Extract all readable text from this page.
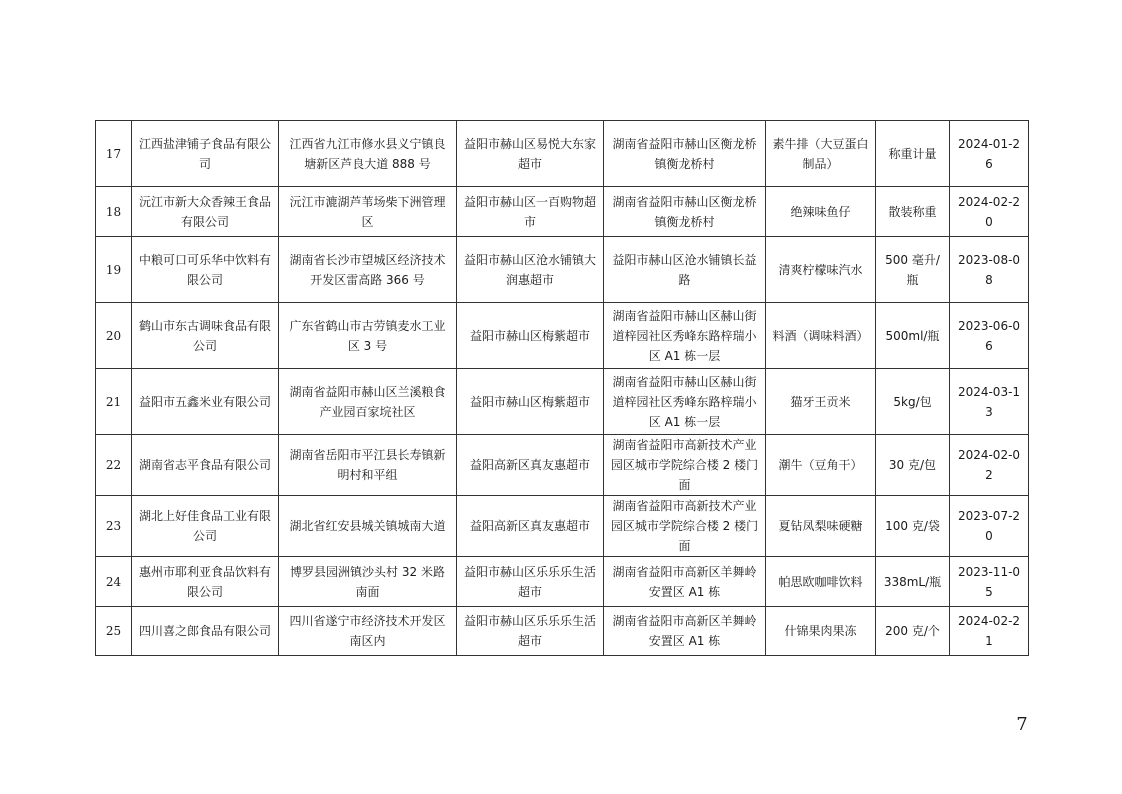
17	江西盐津铺子食品有限公司	江西省九江市修水县义宁镇良塘新区芦良大道 888 号	益阳市赫山区易悦大东家超市	湖南省益阳市赫山区衡龙桥镇衡龙桥村	素牛排（大豆蛋白制品）	称重计量	2024-01-26
18	沅江市新大众香辣王食品有限公司	沅江市漉湖芦苇场柴下洲管理区	益阳市赫山区一百购物超市	湖南省益阳市赫山区衡龙桥镇衡龙桥村	绝辣味鱼仔	散装称重	2024-02-20
19	中粮可口可乐华中饮料有限公司	湖南省长沙市望城区经济技术开发区雷高路 366 号	益阳市赫山区沧水铺镇大润惠超市	益阳市赫山区沧水铺镇长益路	清爽柠檬味汽水	500 毫升/瓶	2023-08-08
20	鹤山市东古调味食品有限公司	广东省鹤山市古劳镇麦水工业区 3 号	益阳市赫山区梅紫超市	湖南省益阳市赫山区赫山街道梓园社区秀峰东路梓瑞小区 A1 栋一层	料酒（调味料酒）	500ml/瓶	2023-06-06
21	益阳市五鑫米业有限公司	湖南省益阳市赫山区兰溪粮食产业园百家垸社区	益阳市赫山区梅紫超市	湖南省益阳市赫山区赫山街道梓园社区秀峰东路梓瑞小区 A1 栋一层	猫牙王贡米	5kg/包	2024-03-13
22	湖南省志平食品有限公司	湖南省岳阳市平江县长寿镇新明村和平组	益阳高新区真友惠超市	湖南省益阳市高新技术产业园区城市学院综合楼 2 楼门面	潮牛（豆角干）	30 克/包	2024-02-02
23	湖北上好佳食品工业有限公司	湖北省红安县城关镇城南大道	益阳高新区真友惠超市	湖南省益阳市高新技术产业园区城市学院综合楼 2 楼门面	夏钻凤梨味硬糖	100 克/袋	2023-07-20
24	惠州市耶利亚食品饮料有限公司	博罗县园洲镇沙头村 32 米路南面	益阳市赫山区乐乐乐生活超市	湖南省益阳市高新区羊舞岭安置区 A1 栋	帕思欧咖啡饮料	338mL/瓶	2023-11-05
25	四川喜之郎食品有限公司	四川省遂宁市经济技术开发区南区内	益阳市赫山区乐乐乐生活超市	湖南省益阳市高新区羊舞岭安置区 A1 栋	什锦果肉果冻	200 克/个	2024-02-21
7
